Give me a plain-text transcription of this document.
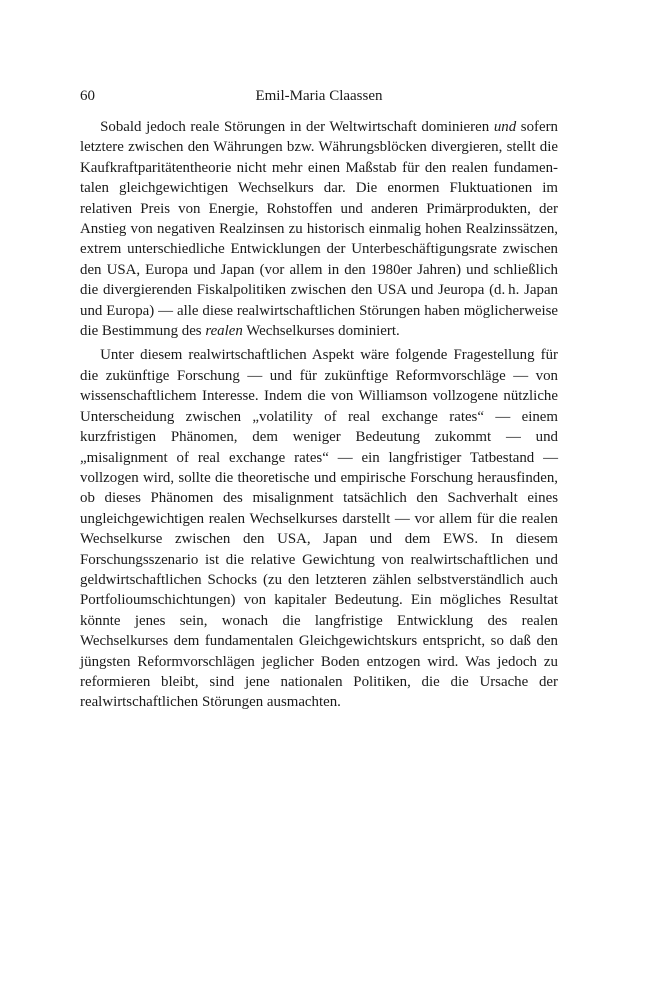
60	Emil-Maria Claassen

Sobald jedoch reale Störungen in der Weltwirtschaft dominieren und sofern letztere zwischen den Währungen bzw. Währungsblöcken divergieren, stellt die Kaufkraftparitätentheorie nicht mehr einen Maßstab für den realen fundamentalen gleichgewichtigen Wechselkurs dar. Die enormen Fluktuationen im relativen Preis von Energie, Rohstoffen und anderen Primärprodukten, der Anstieg von negativen Realzinsen zu historisch einmalig hohen Realzinssätzen, extrem unterschiedliche Entwicklungen der Unterbeschäftigungsrate zwischen den USA, Europa und Japan (vor allem in den 1980er Jahren) und schließlich die divergierenden Fiskalpolitiken zwischen den USA und Jeuropa (d. h. Japan und Europa) — alle diese realwirtschaftlichen Störungen haben möglicherweise die Bestimmung des realen Wechselkurses dominiert.

Unter diesem realwirtschaftlichen Aspekt wäre folgende Fragestellung für die zukünftige Forschung — und für zukünftige Reformvorschläge — von wissenschaftlichem Interesse. Indem die von Williamson vollzogene nützliche Unterscheidung zwischen „volatility of real exchange rates“ — einem kurzfristigen Phänomen, dem weniger Bedeutung zukommt — und „misalignment of real exchange rates“ — ein langfristiger Tatbestand — vollzogen wird, sollte die theoretische und empirische Forschung herausfinden, ob dieses Phänomen des misalignment tatsächlich den Sachverhalt eines ungleichgewichtigen realen Wechselkurses darstellt — vor allem für die realen Wechselkurse zwischen den USA, Japan und dem EWS. In diesem Forschungsszenario ist die relative Gewichtung von realwirtschaftlichen und geldwirtschaftlichen Schocks (zu den letzteren zählen selbstverständlich auch Portfolioumschichtungen) von kapitaler Bedeutung. Ein mögliches Resultat könnte jenes sein, wonach die langfristige Entwicklung des realen Wechselkurses dem fundamentalen Gleichgewichtskurs entspricht, so daß den jüngsten Reformvorschlägen jeglicher Boden entzogen wird. Was jedoch zu reformieren bleibt, sind jene nationalen Politiken, die die Ursache der realwirtschaftlichen Störungen ausmachten.
